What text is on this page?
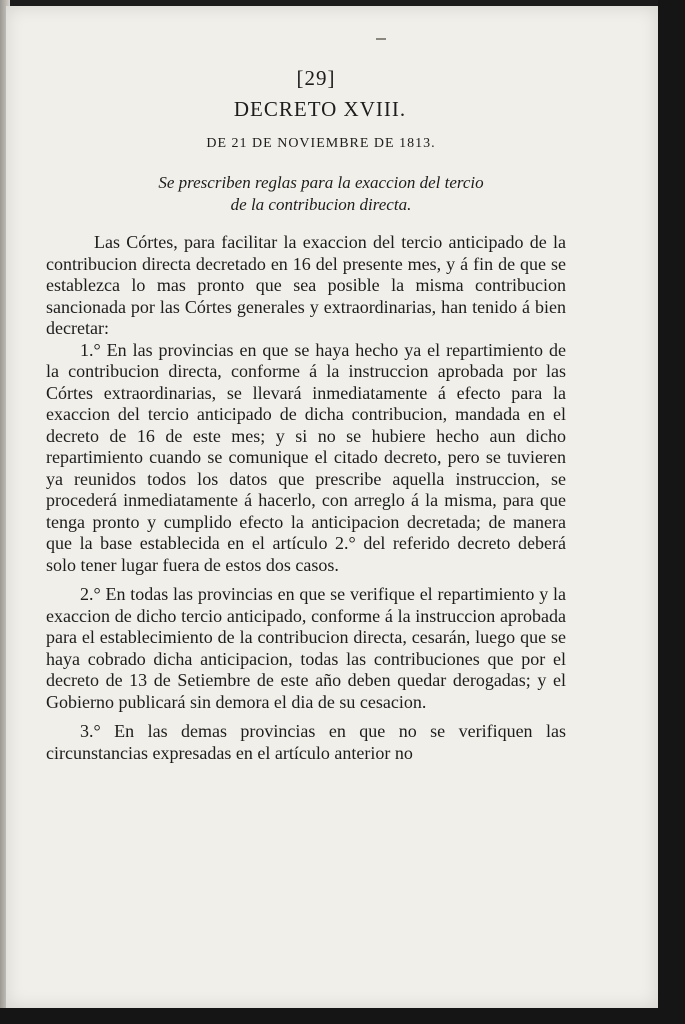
[29]
DECRETO XVIII.
DE 21 DE NOVIEMBRE DE 1813.
Se prescriben reglas para la exaccion del tercio
de la contribucion directa.

Las Córtes, para facilitar la exaccion del tercio anticipado de la contribucion directa decretado en 16 del presente mes, y á fin de que se establezca lo mas pronto que sea posible la misma contribucion sancionada por las Córtes generales y extraordinarias, han tenido á bien decretar:

1.° En las provincias en que se haya hecho ya el repartimiento de la contribucion directa, conforme á la instruccion aprobada por las Córtes extraordinarias, se llevará inmediatamente á efecto para la exaccion del tercio anticipado de dicha contribucion, mandada en el decreto de 16 de este mes; y si no se hubiere hecho aun dicho repartimiento cuando se comunique el citado decreto, pero se tuvieren ya reunidos todos los datos que prescribe aquella instruccion, se procederá inmediatamente á hacerlo, con arreglo á la misma, para que tenga pronto y cumplido efecto la anticipacion decretada; de manera que la base establecida en el artículo 2.° del referido decreto deberá solo tener lugar fuera de estos dos casos.

2.° En todas las provincias en que se verifique el repartimiento y la exaccion de dicho tercio anticipado, conforme á la instruccion aprobada para el establecimiento de la contribucion directa, cesarán, luego que se haya cobrado dicha anticipacion, todas las contribuciones que por el decreto de 13 de Setiembre de este año deben quedar derogadas; y el Gobierno publicará sin demora el dia de su cesacion.

3.° En las demas provincias en que no se verifiquen las circunstancias expresadas en el artículo anterior no
